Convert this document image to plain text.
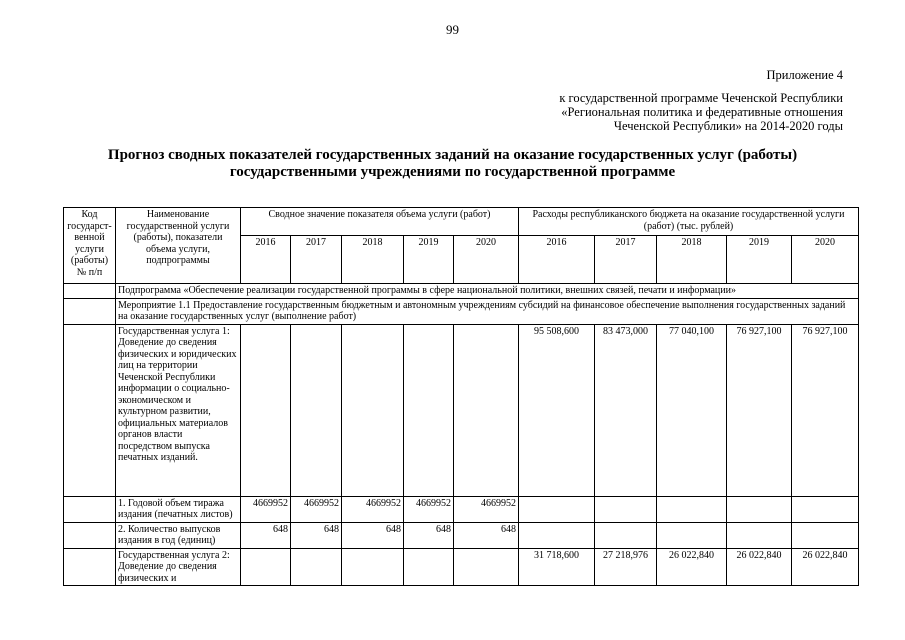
99
Приложение 4
к государственной программе Чеченской Республики
«Региональная политика и федеративные отношения
Чеченской Республики» на 2014-2020 годы
Прогноз сводных показателей государственных заданий на оказание государственных услуг (работы)
государственными учреждениями по государственной программе
Код государст-венной услуги (работы) № п/п	Наименование государственной услуги (работы), показатели объема услуги, подпрограммы	Сводное значение показателя объема услуги (работ)					Расходы республиканского бюджета на оказание государственной услуги (работ) (тыс. рублей)				
		2016	2017	2018	2019	2020	2016	2017	2018	2019	2020
	Подпрограмма «Обеспечение реализации государственной программы в сфере национальной политики, внешних связей, печати и информации»										
	Мероприятие 1.1 Предоставление государственным бюджетным и автономным учреждениям субсидий на финансовое обеспечение выполнения государственных заданий на оказание государственных услуг (выполнение работ)										
	Государственная услуга 1: Доведение до сведения физических и юридических лиц на территории Чеченской Республики информации о социально-экономическом и культурном развитии, официальных материалов органов власти посредством выпуска печатных изданий.						95 508,600	83 473,000	77 040,100	76 927,100	76 927,100
	1. Годовой объем тиража издания (печатных листов)	4669952	4669952	4669952	4669952	4669952					
	2. Количество выпусков издания в год (единиц)	648	648	648	648	648					
	Государственная услуга 2: Доведение до сведения физических и						31 718,600	27 218,976	26 022,840	26 022,840	26 022,840
